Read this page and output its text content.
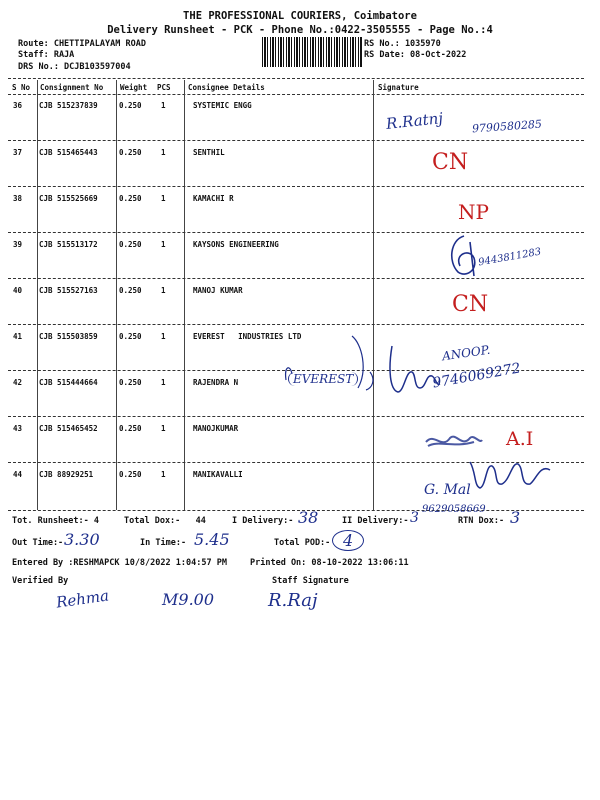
THE PROFESSIONAL COURIERS, Coimbatore
Delivery Runsheet - PCK - Phone No.:0422-3505555 - Page No.:4
Route: CHETTIPALAYAM ROAD
Staff: RAJA
DRS No.: DCJB103597004
RS No.: 1035970
RS Date: 08-Oct-2022
S No Consignment No Weight PCS Consignee Details	Signature
36 CJB 515237839	0.250	1	SYSTEMIC ENGG
37 CJB 515465443	0.250	1	SENTHIL
38 CJB 515525669	0.250	1	KAMACHI R
39 CJB 515513172	0.250	1	KAYSONS ENGINEERING
40 CJB 515527163	0.250	1	MANOJ KUMAR
41 CJB 515503859	0.250	1	EVEREST   INDUSTRIES LTD
42 CJB 515444664	0.250	1	RAJENDRA N
43 CJB 515465452	0.250	1	MANOJKUMAR
44 CJB 88929251	0.250	1	MANIKAVALLI
R.Ratnj	9790580285
CN
NP
9443811283
CN
EVEREST
ANOOP.
9746069272
A.I
G. Mal
Tot. Runsheet:- 4	Total Dox:-   44	I Delivery:- 38	II Delivery:- 3
9629058669
RTN Dox:- 3
Out Time:- 3.30	In Time:- 5.45	Total POD:- 4
Entered By :RESHMAPCK 10/8/2022 1:04:57 PM	Printed On: 08-10-2022 13:06:11
Verified By	Staff Signature
Rehma	M9.00	R.Raj
